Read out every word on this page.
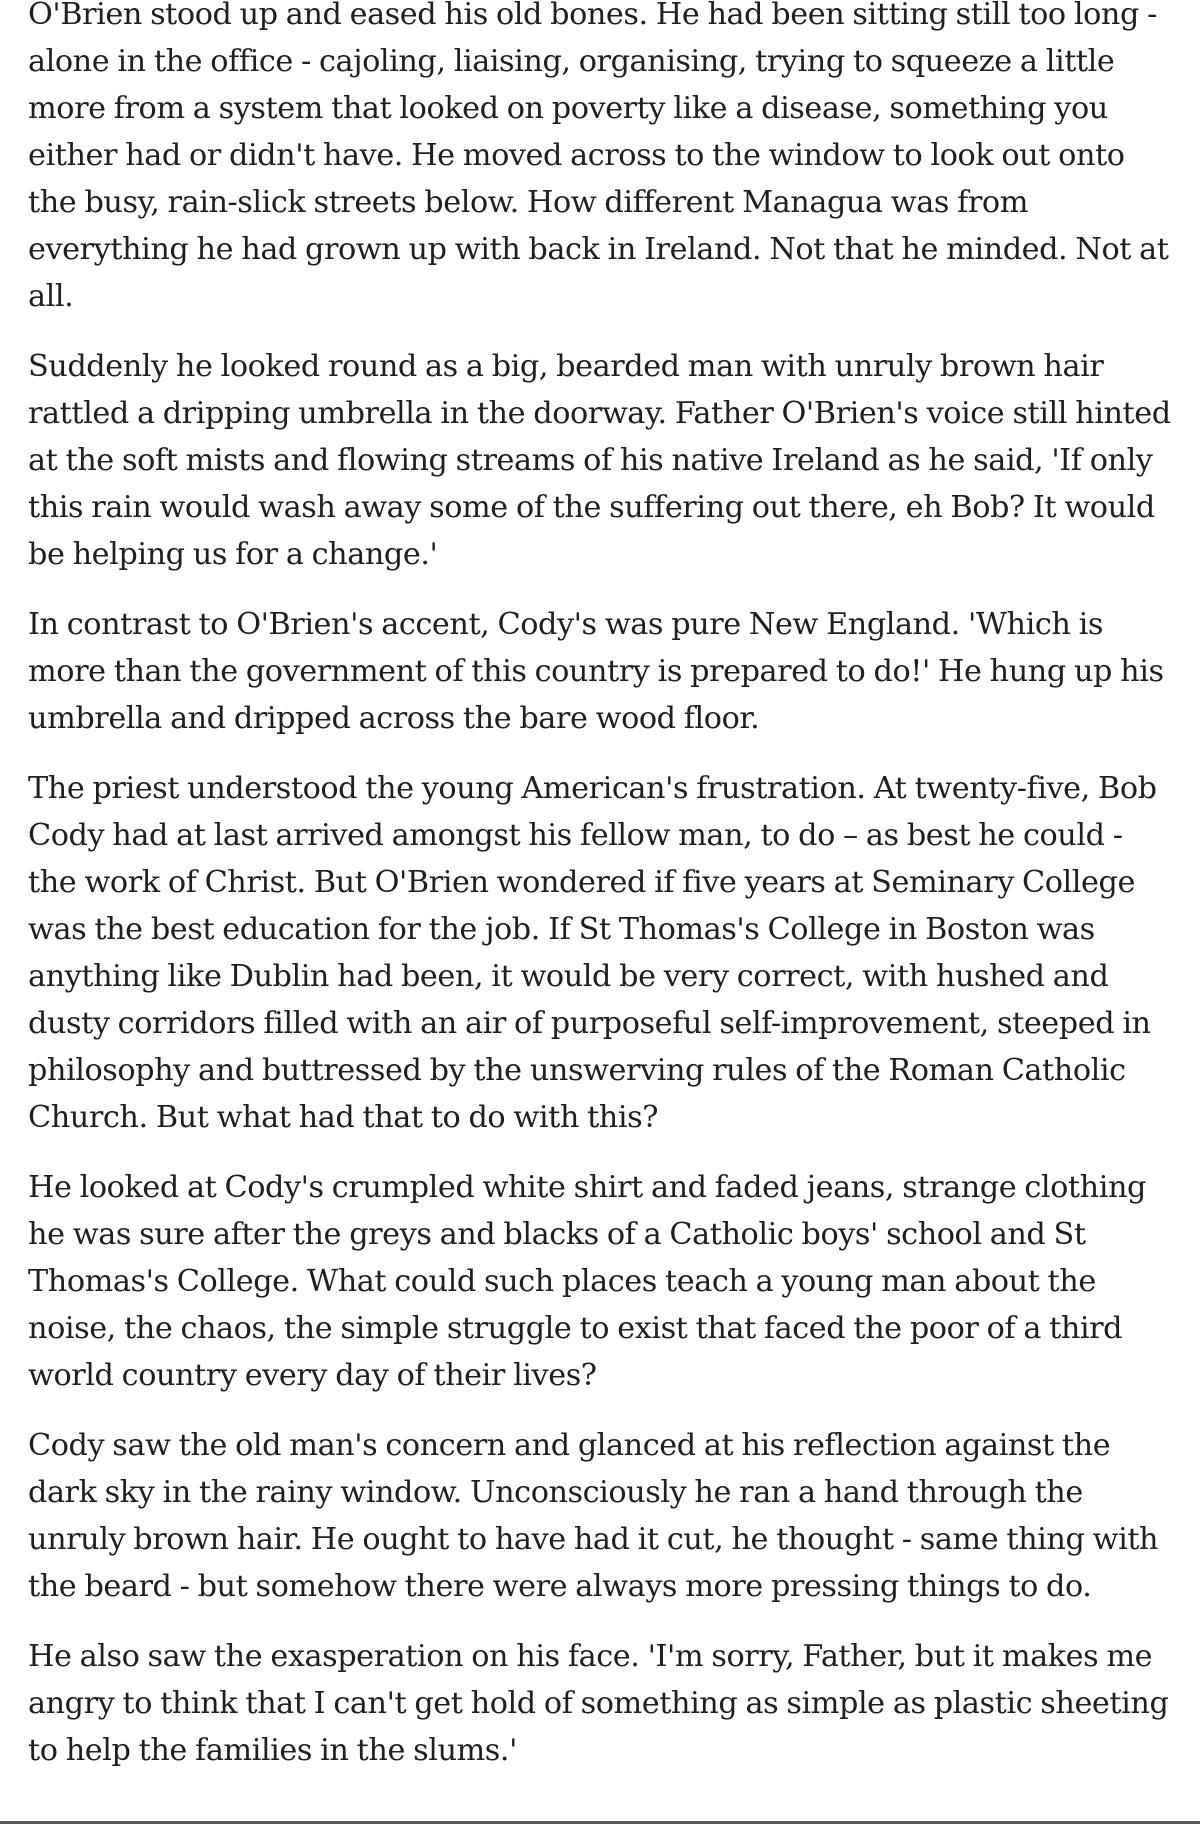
O'Brien stood up and eased his old bones. He had been sitting still too long - alone in the office - cajoling, liaising, organising, trying to squeeze a little more from a system that looked on poverty like a disease, something you either had or didn't have. He moved across to the window to look out onto the busy, rain-slick streets below. How different Managua was from everything he had grown up with back in Ireland. Not that he minded. Not at all.

Suddenly he looked round as a big, bearded man with unruly brown hair rattled a dripping umbrella in the doorway. Father O'Brien's voice still hinted at the soft mists and flowing streams of his native Ireland as he said, 'If only this rain would wash away some of the suffering out there, eh Bob? It would be helping us for a change.'

In contrast to O'Brien's accent, Cody's was pure New England. 'Which is more than the government of this country is prepared to do!' He hung up his umbrella and dripped across the bare wood floor.

The priest understood the young American's frustration. At twenty-five, Bob Cody had at last arrived amongst his fellow man, to do – as best he could - the work of Christ. But O'Brien wondered if five years at Seminary College was the best education for the job. If St Thomas's College in Boston was anything like Dublin had been, it would be very correct, with hushed and dusty corridors filled with an air of purposeful self-improvement, steeped in philosophy and buttressed by the unswerving rules of the Roman Catholic Church. But what had that to do with this?

He looked at Cody's crumpled white shirt and faded jeans, strange clothing he was sure after the greys and blacks of a Catholic boys' school and St Thomas's College. What could such places teach a young man about the noise, the chaos, the simple struggle to exist that faced the poor of a third world country every day of their lives?

Cody saw the old man's concern and glanced at his reflection against the dark sky in the rainy window. Unconsciously he ran a hand through the unruly brown hair. He ought to have had it cut, he thought - same thing with the beard - but somehow there were always more pressing things to do.

He also saw the exasperation on his face. 'I'm sorry, Father, but it makes me angry to think that I can't get hold of something as simple as plastic sheeting to help the families in the slums.'
